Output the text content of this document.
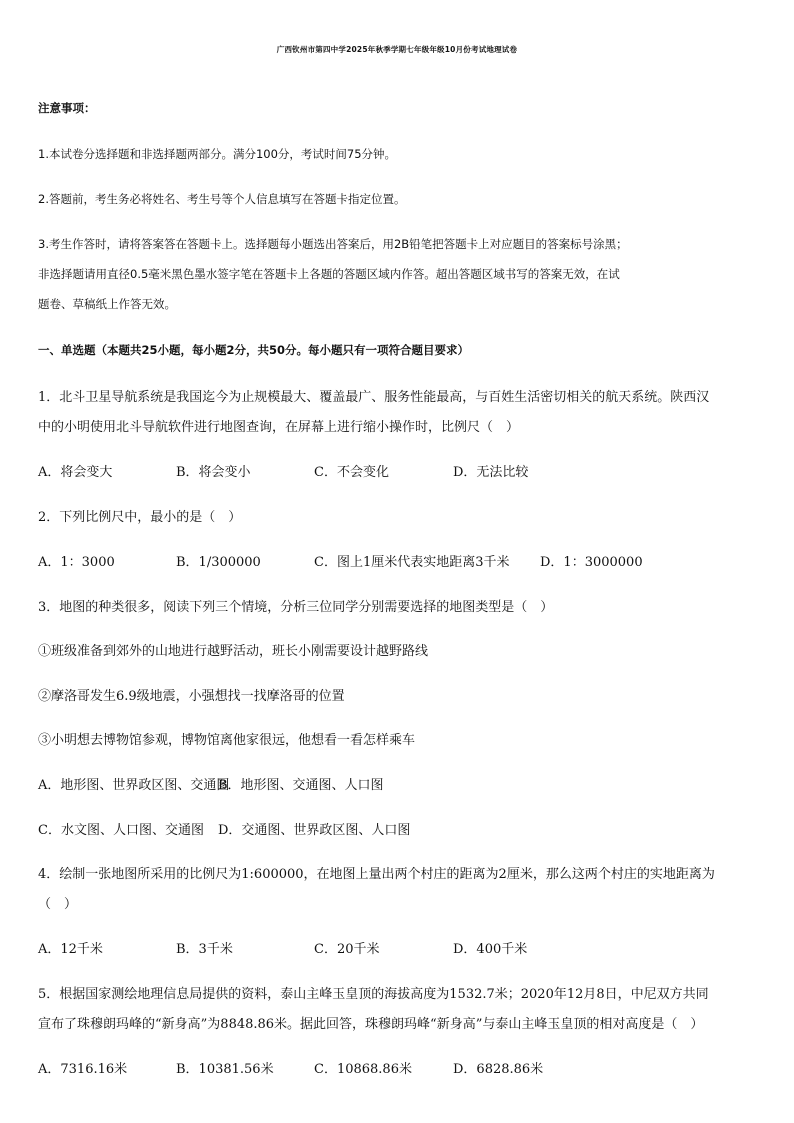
广西钦州市第四中学2025年秋季学期七年级年级10月份考试地理试卷
注意事项：
1.本试卷分选择题和非选择题两部分。满分100分，考试时间75分钟。
2.答题前，考生务必将姓名、考生号等个人信息填写在答题卡指定位置。
3.考生作答时，请将答案答在答题卡上。选择题每小题选出答案后，用2B铅笔把答题卡上对应题目的答案标号涂黑；
非选择题请用直径0.5毫米黑色墨水签字笔在答题卡上各题的答题区域内作答。超出答题区域书写的答案无效，在试
题卷、草稿纸上作答无效。
一、单选题（本题共25小题，每小题2分，共50分。每小题只有一项符合题目要求）
1．北斗卫星导航系统是我国迄今为止规模最大、覆盖最广、服务性能最高，与百姓生活密切相关的航天系统。陕西汉
中的小明使用北斗导航软件进行地图查询，在屏幕上进行缩小操作时，比例尺（　）
A．将会变大	B．将会变小	C．不会变化	D．无法比较
2．下列比例尺中，最小的是（　）
A．1：3000	B．1/300000	C．图上1厘米代表实地距离3千米 D．1：3000000
3．地图的种类很多，阅读下列三个情境，分析三位同学分别需要选择的地图类型是（　）
①班级准备到郊外的山地进行越野活动，班长小刚需要设计越野路线
②摩洛哥发生6.9级地震，小强想找一找摩洛哥的位置
③小明想去博物馆参观，博物馆离他家很远，他想看一看怎样乘车
A．地形图、世界政区图、交通图
B．地形图、交通图、人口图
C．水文图、人口图、交通图 D．交通图、世界政区图、人口图
4．绘制一张地图所采用的比例尺为1:600000，在地图上量出两个村庄的距离为2厘米，那么这两个村庄的实地距离为
（　）
A．12千米	B．3千米	C．20千米	D．400千米
5．根据国家测绘地理信息局提供的资料，泰山主峰玉皇顶的海拔高度为1532.7米；2020年12月8日，中尼双方共同
宣布了珠穆朗玛峰的“新身高”为8848.86米。据此回答，珠穆朗玛峰“新身高”与泰山主峰玉皇顶的相对高度是（　）
A．7316.16米	B．10381.56米	C．10868.86米	D．6828.86米
